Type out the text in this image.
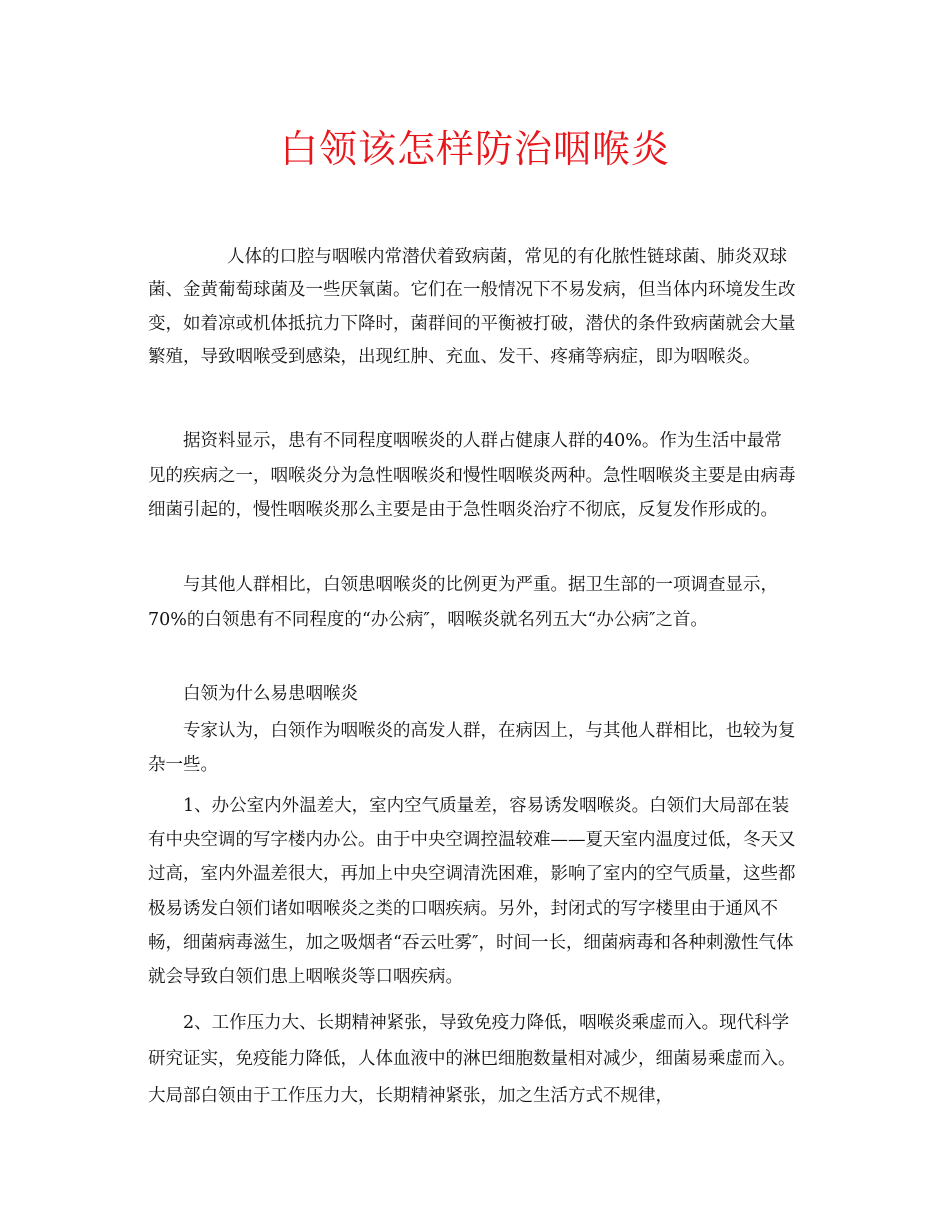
白领该怎样防治咽喉炎

人体的口腔与咽喉内常潜伏着致病菌，常见的有化脓性链球菌、肺炎双球菌、金黄葡萄球菌及一些厌氧菌。它们在一般情况下不易发病，但当体内环境发生改变，如着凉或机体抵抗力下降时，菌群间的平衡被打破，潜伏的条件致病菌就会大量繁殖，导致咽喉受到感染，出现红肿、充血、发干、疼痛等病症，即为咽喉炎。

据资料显示，患有不同程度咽喉炎的人群占健康人群的40%。作为生活中最常见的疾病之一，咽喉炎分为急性咽喉炎和慢性咽喉炎两种。急性咽喉炎主要是由病毒细菌引起的，慢性咽喉炎那么主要是由于急性咽炎治疗不彻底，反复发作形成的。

与其他人群相比，白领患咽喉炎的比例更为严重。据卫生部的一项调查显示，70%的白领患有不同程度的“办公病″，咽喉炎就名列五大“办公病″之首。

白领为什么易患咽喉炎

专家认为，白领作为咽喉炎的高发人群，在病因上，与其他人群相比，也较为复杂一些。

1、办公室内外温差大，室内空气质量差，容易诱发咽喉炎。白领们大局部在装有中央空调的写字楼内办公。由于中央空调控温较难——夏天室内温度过低，冬天又过高，室内外温差很大，再加上中央空调清洗困难，影响了室内的空气质量，这些都极易诱发白领们诸如咽喉炎之类的口咽疾病。另外，封闭式的写字楼里由于通风不畅，细菌病毒滋生，加之吸烟者“吞云吐雾″，时间一长，细菌病毒和各种刺激性气体就会导致白领们患上咽喉炎等口咽疾病。

2、工作压力大、长期精神紧张，导致免疫力降低，咽喉炎乘虚而入。现代科学研究证实，免疫能力降低，人体血液中的淋巴细胞数量相对减少，细菌易乘虚而入。大局部白领由于工作压力大，长期精神紧张，加之生活方式不规律，
